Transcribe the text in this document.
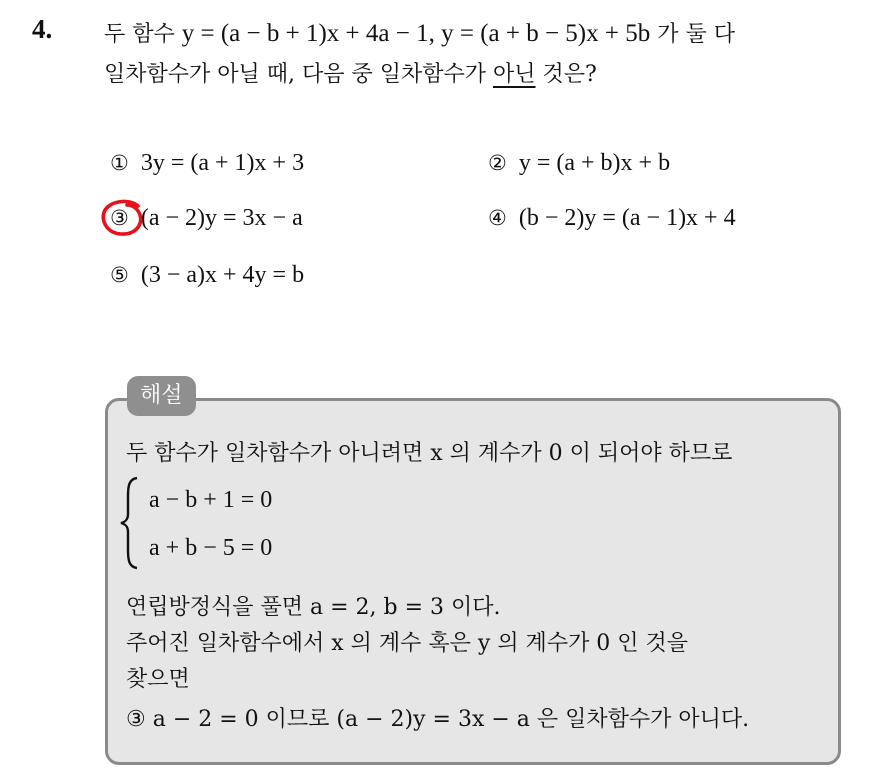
4. 두 함수 y = (a − b + 1)x + 4a − 1, y = (a + b − 5)x + 5b 가 둘 다
일차함수가 아닐 때, 다음 중 일차함수가 아닌 것은?
① 3y = (a + 1)x + 3	② y = (a + b)x + b
③ (a − 2)y = 3x − a	④ (b − 2)y = (a − 1)x + 4
⑤ (3 − a)x + 4y = b
해설
두 함수가 일차함수가 아니려면 x 의 계수가 0 이 되어야 하므로
a − b + 1 = 0
a + b − 5 = 0
연립방정식을 풀면 a = 2, b = 3 이다.
주어진 일차함수에서 x 의 계수 혹은 y 의 계수가 0 인 것을
찾으면
③ a − 2 = 0 이므로 (a − 2)y = 3x − a 은 일차함수가 아니다.
